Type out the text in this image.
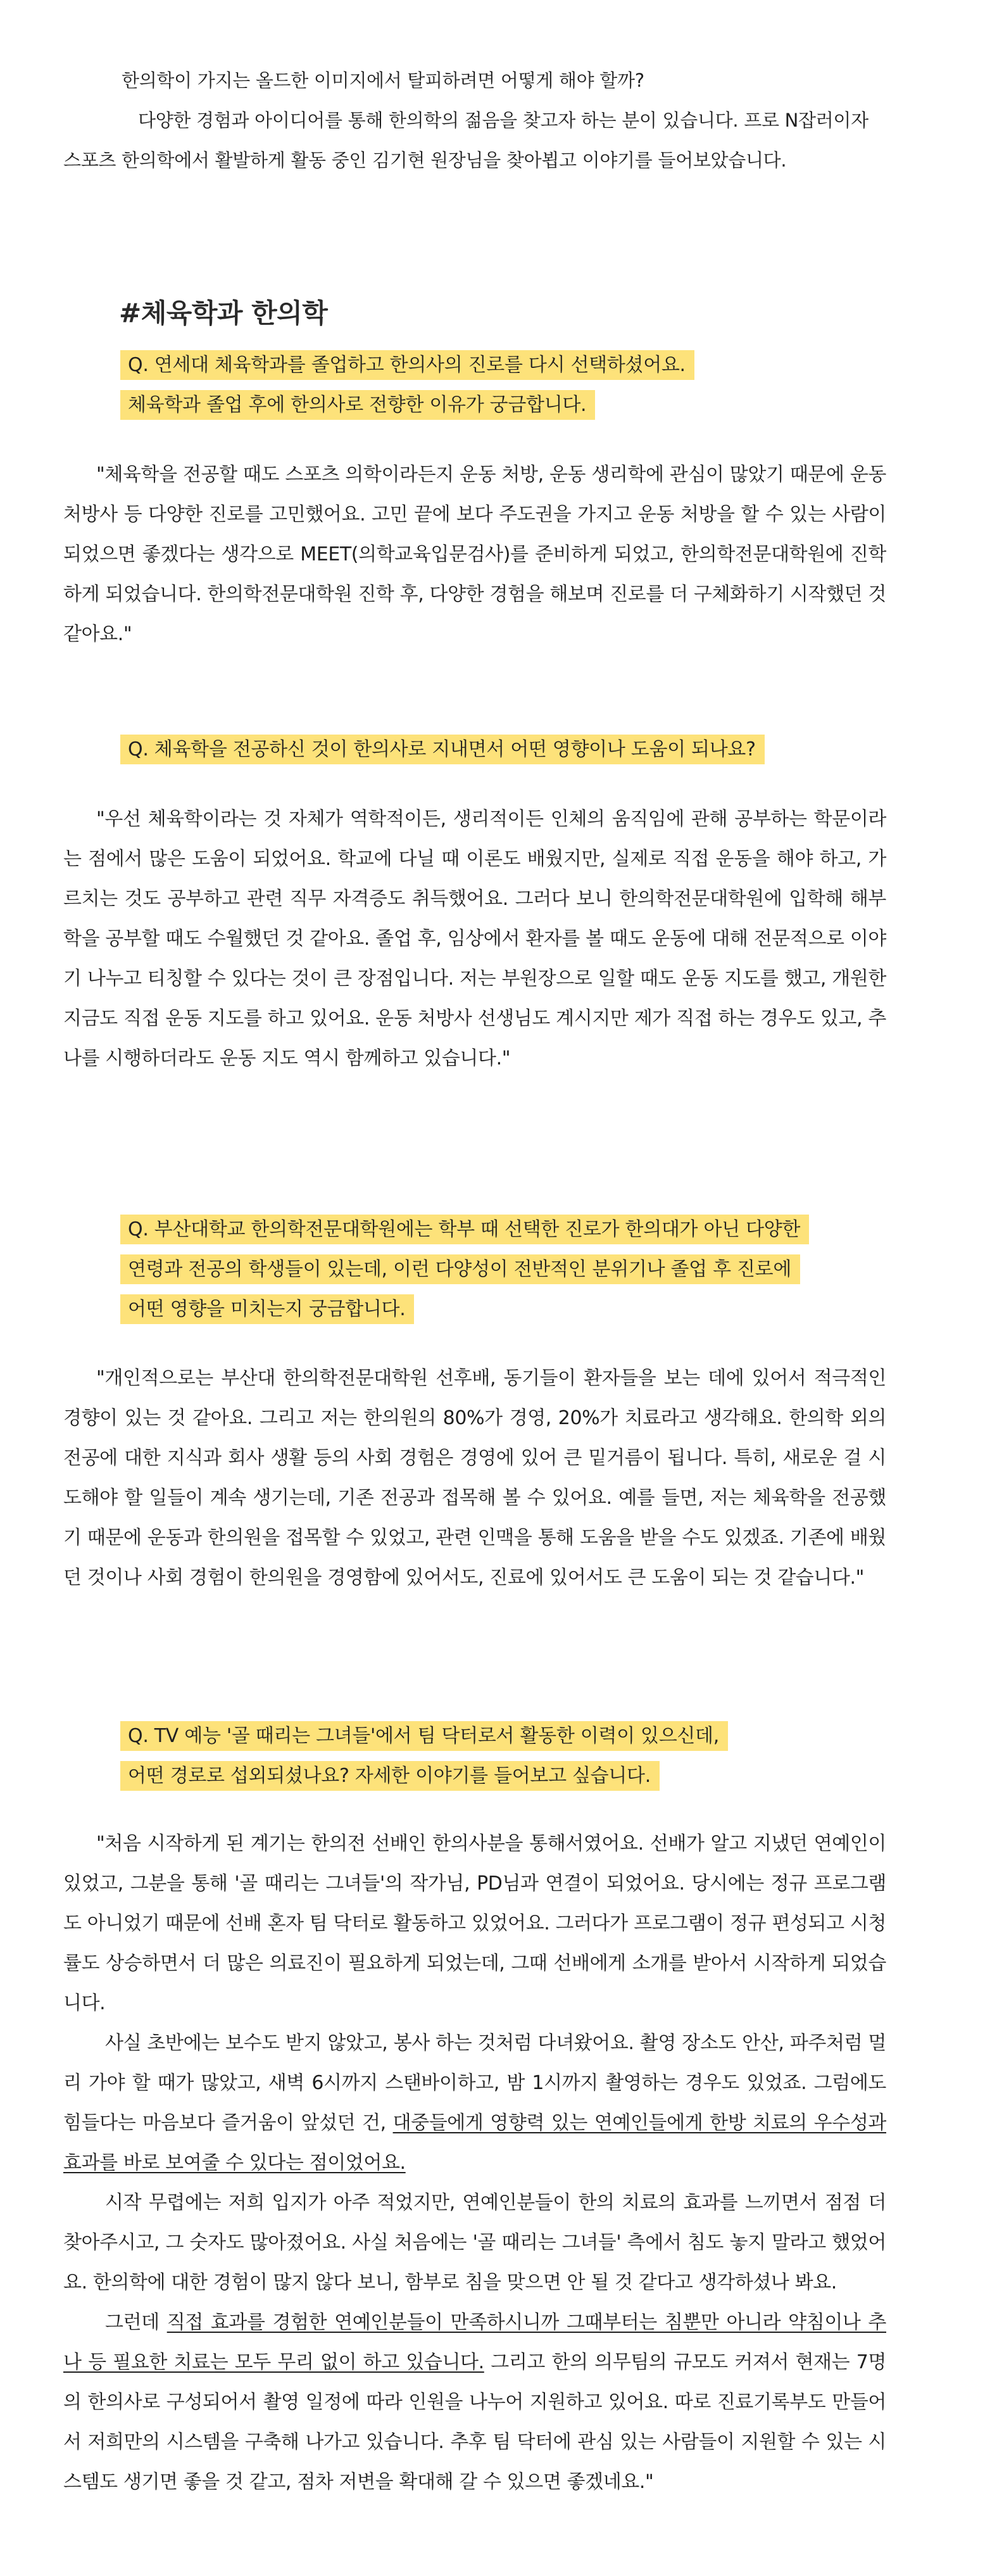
한의학이 가지는 올드한 이미지에서 탈피하려면 어떻게 해야 할까?

다양한 경험과 아이디어를 통해 한의학의 젊음을 찾고자 하는 분이 있습니다. 프로 N잡러이자 스포츠 한의학에서 활발하게 활동 중인 김기현 원장님을 찾아뵙고 이야기를 들어보았습니다.

#체육학과 한의학
Q. 연세대 체육학과를 졸업하고 한의사의 진로를 다시 선택하셨어요.
체육학과 졸업 후에 한의사로 전향한 이유가 궁금합니다.

"체육학을 전공할 때도 스포츠 의학이라든지 운동 처방, 운동 생리학에 관심이 많았기 때문에 운동 처방사 등 다양한 진로를 고민했어요. 고민 끝에 보다 주도권을 가지고 운동 처방을 할 수 있는 사람이 되었으면 좋겠다는 생각으로 MEET(의학교육입문검사)를 준비하게 되었고, 한의학전문대학원에 진학하게 되었습니다. 한의학전문대학원 진학 후, 다양한 경험을 해보며 진로를 더 구체화하기 시작했던 것 같아요."

Q. 체육학을 전공하신 것이 한의사로 지내면서 어떤 영향이나 도움이 되나요?

"우선 체육학이라는 것 자체가 역학적이든, 생리적이든 인체의 움직임에 관해 공부하는 학문이라는 점에서 많은 도움이 되었어요. 학교에 다닐 때 이론도 배웠지만, 실제로 직접 운동을 해야 하고, 가르치는 것도 공부하고 관련 직무 자격증도 취득했어요. 그러다 보니 한의학전문대학원에 입학해 해부학을 공부할 때도 수월했던 것 같아요. 졸업 후, 임상에서 환자를 볼 때도 운동에 대해 전문적으로 이야기 나누고 티칭할 수 있다는 것이 큰 장점입니다. 저는 부원장으로 일할 때도 운동 지도를 했고, 개원한 지금도 직접 운동 지도를 하고 있어요. 운동 처방사 선생님도 계시지만 제가 직접 하는 경우도 있고, 추나를 시행하더라도 운동 지도 역시 함께하고 있습니다."

Q. 부산대학교 한의학전문대학원에는 학부 때 선택한 진로가 한의대가 아닌 다양한
연령과 전공의 학생들이 있는데, 이런 다양성이 전반적인 분위기나 졸업 후 진로에
어떤 영향을 미치는지 궁금합니다.

"개인적으로는 부산대 한의학전문대학원 선후배, 동기들이 환자들을 보는 데에 있어서 적극적인 경향이 있는 것 같아요. 그리고 저는 한의원의 80%가 경영, 20%가 치료라고 생각해요. 한의학 외의 전공에 대한 지식과 회사 생활 등의 사회 경험은 경영에 있어 큰 밑거름이 됩니다. 특히, 새로운 걸 시도해야 할 일들이 계속 생기는데, 기존 전공과 접목해 볼 수 있어요. 예를 들면, 저는 체육학을 전공했기 때문에 운동과 한의원을 접목할 수 있었고, 관련 인맥을 통해 도움을 받을 수도 있겠죠. 기존에 배웠던 것이나 사회 경험이 한의원을 경영함에 있어서도, 진료에 있어서도 큰 도움이 되는 것 같습니다."

Q. TV 예능 '골 때리는 그녀들'에서 팀 닥터로서 활동한 이력이 있으신데,
어떤 경로로 섭외되셨나요? 자세한 이야기를 들어보고 싶습니다.

"처음 시작하게 된 계기는 한의전 선배인 한의사분을 통해서였어요. 선배가 알고 지냈던 연예인이 있었고, 그분을 통해 '골 때리는 그녀들'의 작가님, PD님과 연결이 되었어요. 당시에는 정규 프로그램도 아니었기 때문에 선배 혼자 팀 닥터로 활동하고 있었어요. 그러다가 프로그램이 정규 편성되고 시청률도 상승하면서 더 많은 의료진이 필요하게 되었는데, 그때 선배에게 소개를 받아서 시작하게 되었습니다.

사실 초반에는 보수도 받지 않았고, 봉사 하는 것처럼 다녀왔어요. 촬영 장소도 안산, 파주처럼 멀리 가야 할 때가 많았고, 새벽 6시까지 스탠바이하고, 밤 1시까지 촬영하는 경우도 있었죠. 그럼에도 힘들다는 마음보다 즐거움이 앞섰던 건, 대중들에게 영향력 있는 연예인들에게 한방 치료의 우수성과 효과를 바로 보여줄 수 있다는 점이었어요.

시작 무렵에는 저희 입지가 아주 적었지만, 연예인분들이 한의 치료의 효과를 느끼면서 점점 더 찾아주시고, 그 숫자도 많아졌어요. 사실 처음에는 '골 때리는 그녀들' 측에서 침도 놓지 말라고 했었어요. 한의학에 대한 경험이 많지 않다 보니, 함부로 침을 맞으면 안 될 것 같다고 생각하셨나 봐요.

그런데 직접 효과를 경험한 연예인분들이 만족하시니까 그때부터는 침뿐만 아니라 약침이나 추나 등 필요한 치료는 모두 무리 없이 하고 있습니다. 그리고 한의 의무팀의 규모도 커져서 현재는 7명의 한의사로 구성되어서 촬영 일정에 따라 인원을 나누어 지원하고 있어요. 따로 진료기록부도 만들어서 저희만의 시스템을 구축해 나가고 있습니다. 추후 팀 닥터에 관심 있는 사람들이 지원할 수 있는 시스템도 생기면 좋을 것 같고, 점차 저변을 확대해 갈 수 있으면 좋겠네요."
